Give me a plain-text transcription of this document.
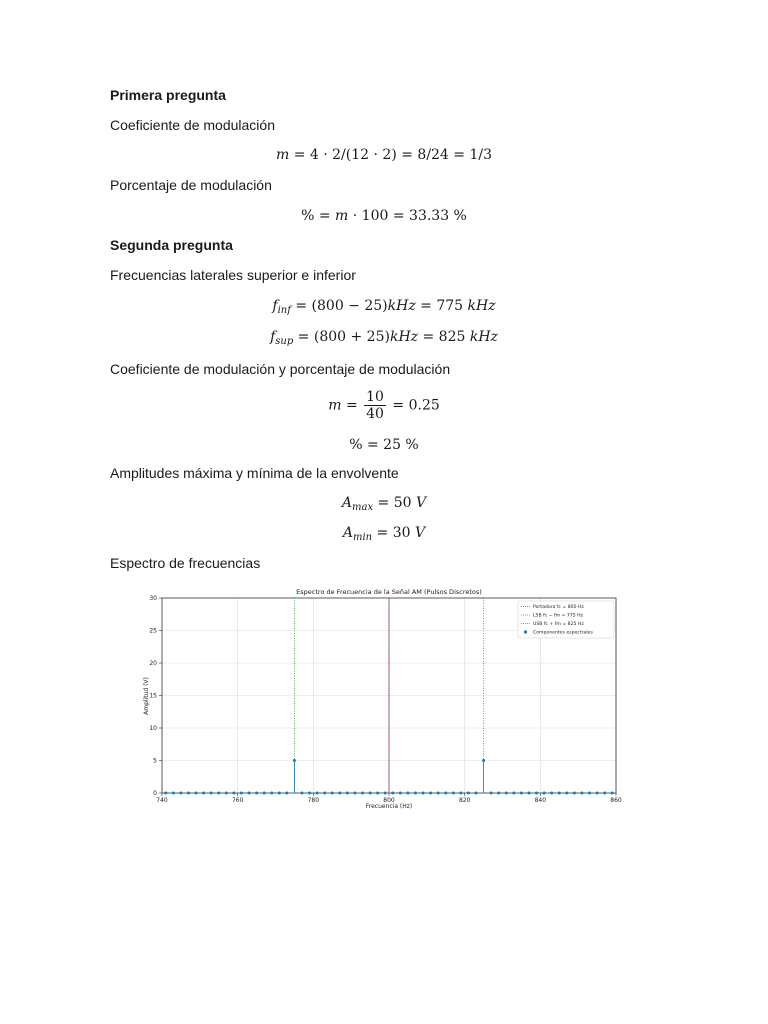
Primera pregunta
Coeficiente de modulación
m = 4 · 2/(12 · 2) = 8/24 = 1/3
Porcentaje de modulación
% = m · 100 = 33.33 %
Segunda pregunta
Frecuencias laterales superior e inferior
$f_{inf} = (800 - 25)kHz = 775$ kHz
$f_{sup} = (800 + 25)kHz = 825$ kHz
Coeficiente de modulación y porcentaje de modulación
$m = \frac{10}{40} = 0.25$
% = 25 %
Amplitudes máxima y mínima de la envolvente
$A_{max} = 50$ V
$A_{min} = 30$ V
Espectro de frecuencias
740	760	780	800	820	840	860
0
5
10
15
20
25
30
Espectro de Frecuencia de la Señal AM (Pulsos Discretos)
Frecuencia (Hz)
Amplitud (V)
Portadora fc = 800 Hz
LSB fc − fm = 775 Hz
USB fc + fm = 825 Hz
Componentes espectrales
